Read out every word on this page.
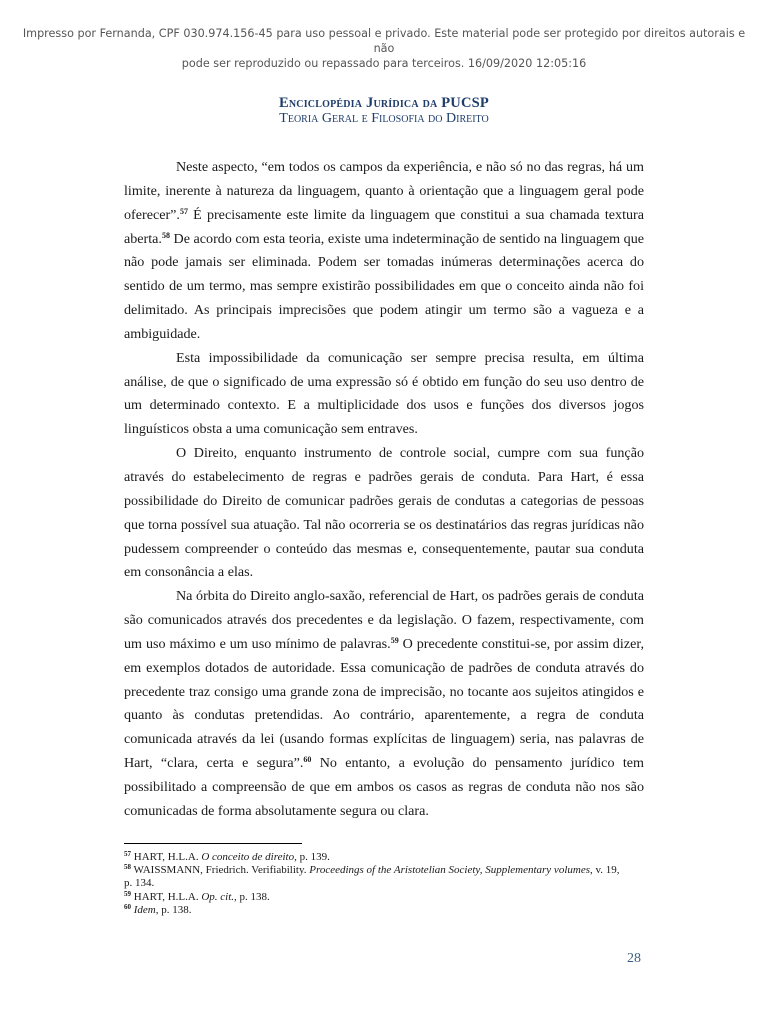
Impresso por Fernanda, CPF 030.974.156-45 para uso pessoal e privado. Este material pode ser protegido por direitos autorais e não
pode ser reproduzido ou repassado para terceiros. 16/09/2020 12:05:16
Enciclopédia Jurídica da PUCSP
Teoria Geral e Filosofia do Direito

Neste aspecto, “em todos os campos da experiência, e não só no das regras, há um limite, inerente à natureza da linguagem, quanto à orientação que a linguagem geral pode oferecer”.$^{57}$ É precisamente este limite da linguagem que constitui a sua chamada textura aberta.$^{58}$ De acordo com esta teoria, existe uma indeterminação de sentido na linguagem que não pode jamais ser eliminada. Podem ser tomadas inúmeras determinações acerca do sentido de um termo, mas sempre existirão possibilidades em que o conceito ainda não foi delimitado. As principais imprecisões que podem atingir um termo são a vagueza e a ambiguidade.

Esta impossibilidade da comunicação ser sempre precisa resulta, em última análise, de que o significado de uma expressão só é obtido em função do seu uso dentro de um determinado contexto. E a multiplicidade dos usos e funções dos diversos jogos linguísticos obsta a uma comunicação sem entraves.

O Direito, enquanto instrumento de controle social, cumpre com sua função através do estabelecimento de regras e padrões gerais de conduta. Para Hart, é essa possibilidade do Direito de comunicar padrões gerais de condutas a categorias de pessoas que torna possível sua atuação. Tal não ocorreria se os destinatários das regras jurídicas não pudessem compreender o conteúdo das mesmas e, consequentemente, pautar sua conduta em consonância a elas.

Na órbita do Direito anglo-saxão, referencial de Hart, os padrões gerais de conduta são comunicados através dos precedentes e da legislação. O fazem, respectivamente, com um uso máximo e um uso mínimo de palavras.$^{59}$ O precedente constitui-se, por assim dizer, em exemplos dotados de autoridade. Essa comunicação de padrões de conduta através do precedente traz consigo uma grande zona de imprecisão, no tocante aos sujeitos atingidos e quanto às condutas pretendidas. Ao contrário, aparentemente, a regra de conduta comunicada através da lei (usando formas explícitas de linguagem) seria, nas palavras de Hart, “clara, certa e segura”.$^{60}$ No entanto, a evolução do pensamento jurídico tem possibilitado a compreensão de que em ambos os casos as regras de conduta não nos são comunicadas de forma absolutamente segura ou clara.

$^{57}$ HART, H.L.A. O conceito de direito, p. 139.
$^{58}$ WAISSMANN, Friedrich. Verifiability. Proceedings of the Aristotelian Society, Supplementary volumes, v. 19, p. 134.
$^{59}$ HART, H.L.A. Op. cit., p. 138.
$^{60}$ Idem, p. 138.
28
